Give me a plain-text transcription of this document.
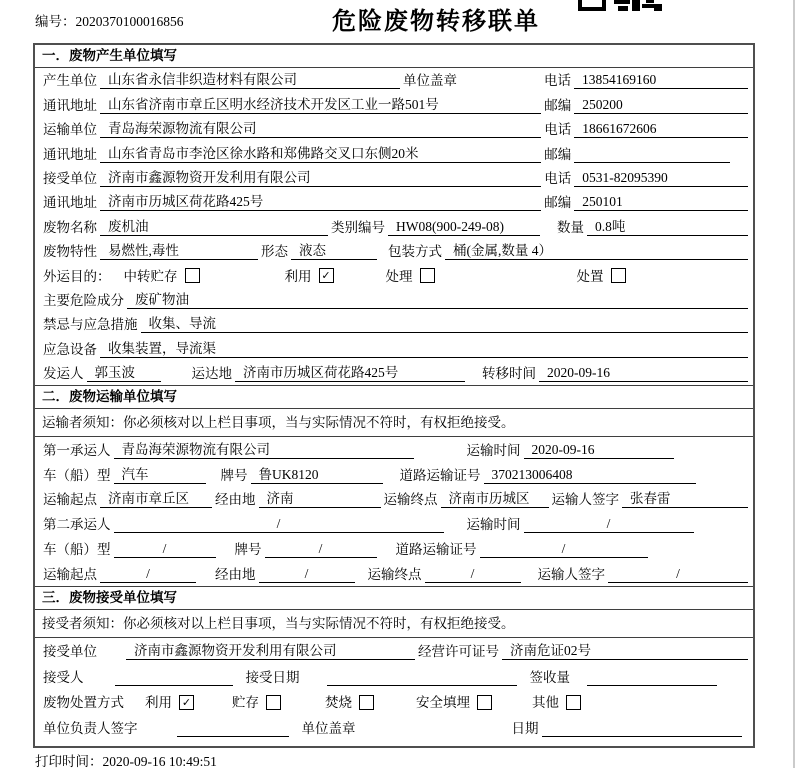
编号：2020370100016856	危险废物转移联单
一．废物产生单位填写
产生单位 山东省永信非织造材料有限公司	单位盖章	电话 13854169160
通讯地址 山东省济南市章丘区明水经济技术开发区工业一路501号	邮编 250200
运输单位 青岛海荣源物流有限公司	电话 18661672606
通讯地址 山东省青岛市李沧区徐水路和郑佛路交叉口东侧20米	邮编
接受单位 济南市鑫源物资开发利用有限公司	电话 0531-82095390
通讯地址 济南市历城区荷花路425号	邮编 250101
废物名称 废机油	类别编号 HW08(900-249-08)	数量 0.8吨
废物特性 易燃性,毒性	形态 液态	包装方式 桶(金属,数量 4）
外运目的： 中转贮存	利用 ✓	处理	处置
主要危险成分 废矿物油
禁忌与应急措施 收集、导流
应急设备 收集装置，导流渠
发运人 郭玉波	运达地 济南市历城区荷花路425号	转移时间 2020-09-16
二．废物运输单位填写
运输者须知：你必须核对以上栏目事项，当与实际情况不符时，有权拒绝接受。
第一承运人 青岛海荣源物流有限公司	运输时间 2020-09-16
车（船）型 汽车	牌号 鲁UK8120	道路运输证号 370213006408
运输起点 济南市章丘区	经由地 济南	运输终点 济南市历城区	运输人签字 张春雷
第二承运人	/	运输时间	/
车（船）型	/	牌号	/	道路运输证号	/
运输起点	/	经由地	/	运输终点	/	运输人签字	/
三．废物接受单位填写
接受者须知：你必须核对以上栏目事项，当与实际情况不符时，有权拒绝接受。
接受单位	济南市鑫源物资开发利用有限公司	经营许可证号 济南危证02号
接受人	接受日期	签收量
废物处置方式 利用 ✓	贮存	焚烧	安全填埋	其他
单位负责人签字	单位盖章	日期
打印时间：2020-09-16 10:49:51
